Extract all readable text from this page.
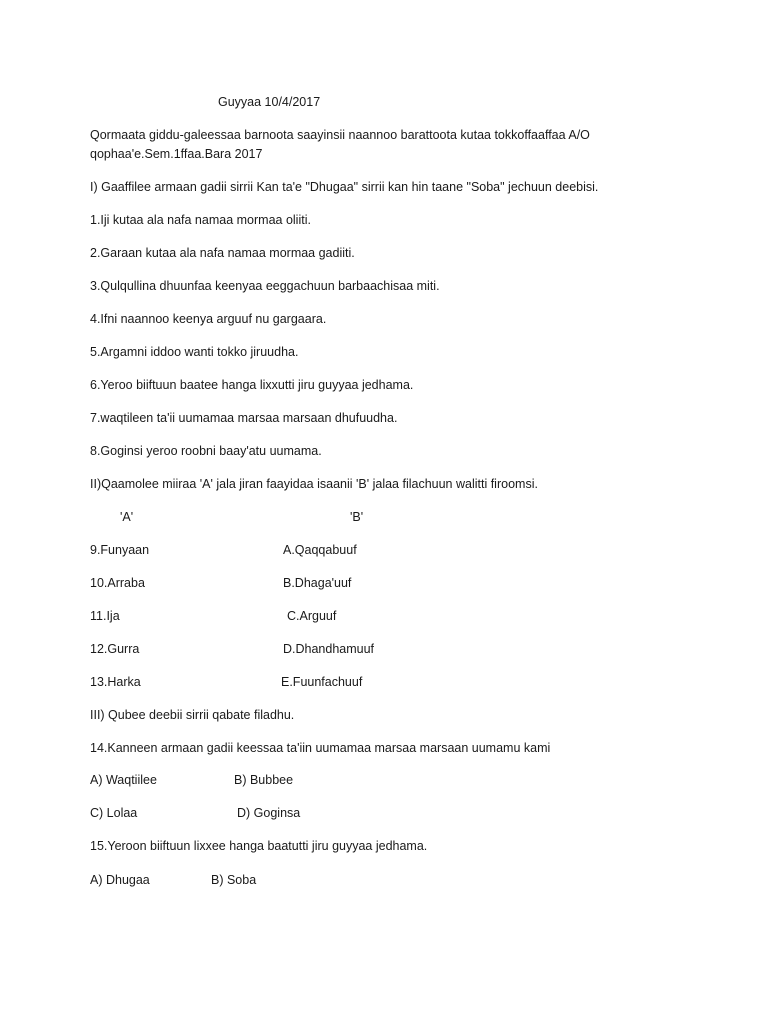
Guyyaa 10/4/2017
Qormaata giddu-galeessaa barnoota saayinsii naannoo barattoota kutaa tokkoffaaffaa A/O
qophaa'e.Sem.1ffaa.Bara 2017
I) Gaaffilee armaan gadii sirrii Kan ta'e "Dhugaa" sirrii kan hin taane "Soba" jechuun deebisi.
1.Iji kutaa ala nafa namaa mormaa oliiti.
2.Garaan kutaa ala nafa namaa mormaa gadiiti.
3.Qulqullina dhuunfaa keenyaa eeggachuun barbaachisaa miti.
4.Ifni naannoo keenya arguuf nu gargaara.
5.Argamni iddoo wanti tokko jiruudha.
6.Yeroo biiftuun baatee hanga lixxutti jiru guyyaa jedhama.
7.waqtileen ta'ii uumamaa marsaa marsaan dhufuudha.
8.Goginsi yeroo roobni baay'atu uumama.
II)Qaamolee miiraa 'A' jala jiran faayidaa isaanii 'B' jalaa filachuun walitti firoomsi.
'A'	'B'
9.Funyaan	A.Qaqqabuuf
10.Arraba	B.Dhaga'uuf
11.Ija	C.Arguuf
12.Gurra	D.Dhandhamuuf
13.Harka	E.Fuunfachuuf
III) Qubee deebii sirrii qabate filadhu.
14.Kanneen armaan gadii keessaa ta'iin uumamaa marsaa marsaan uumamu kami
A) Waqtiilee	B) Bubbee
C) Lolaa	D) Goginsa
15.Yeroon biiftuun lixxee hanga baatutti jiru guyyaa jedhama.
A) Dhugaa	B) Soba
